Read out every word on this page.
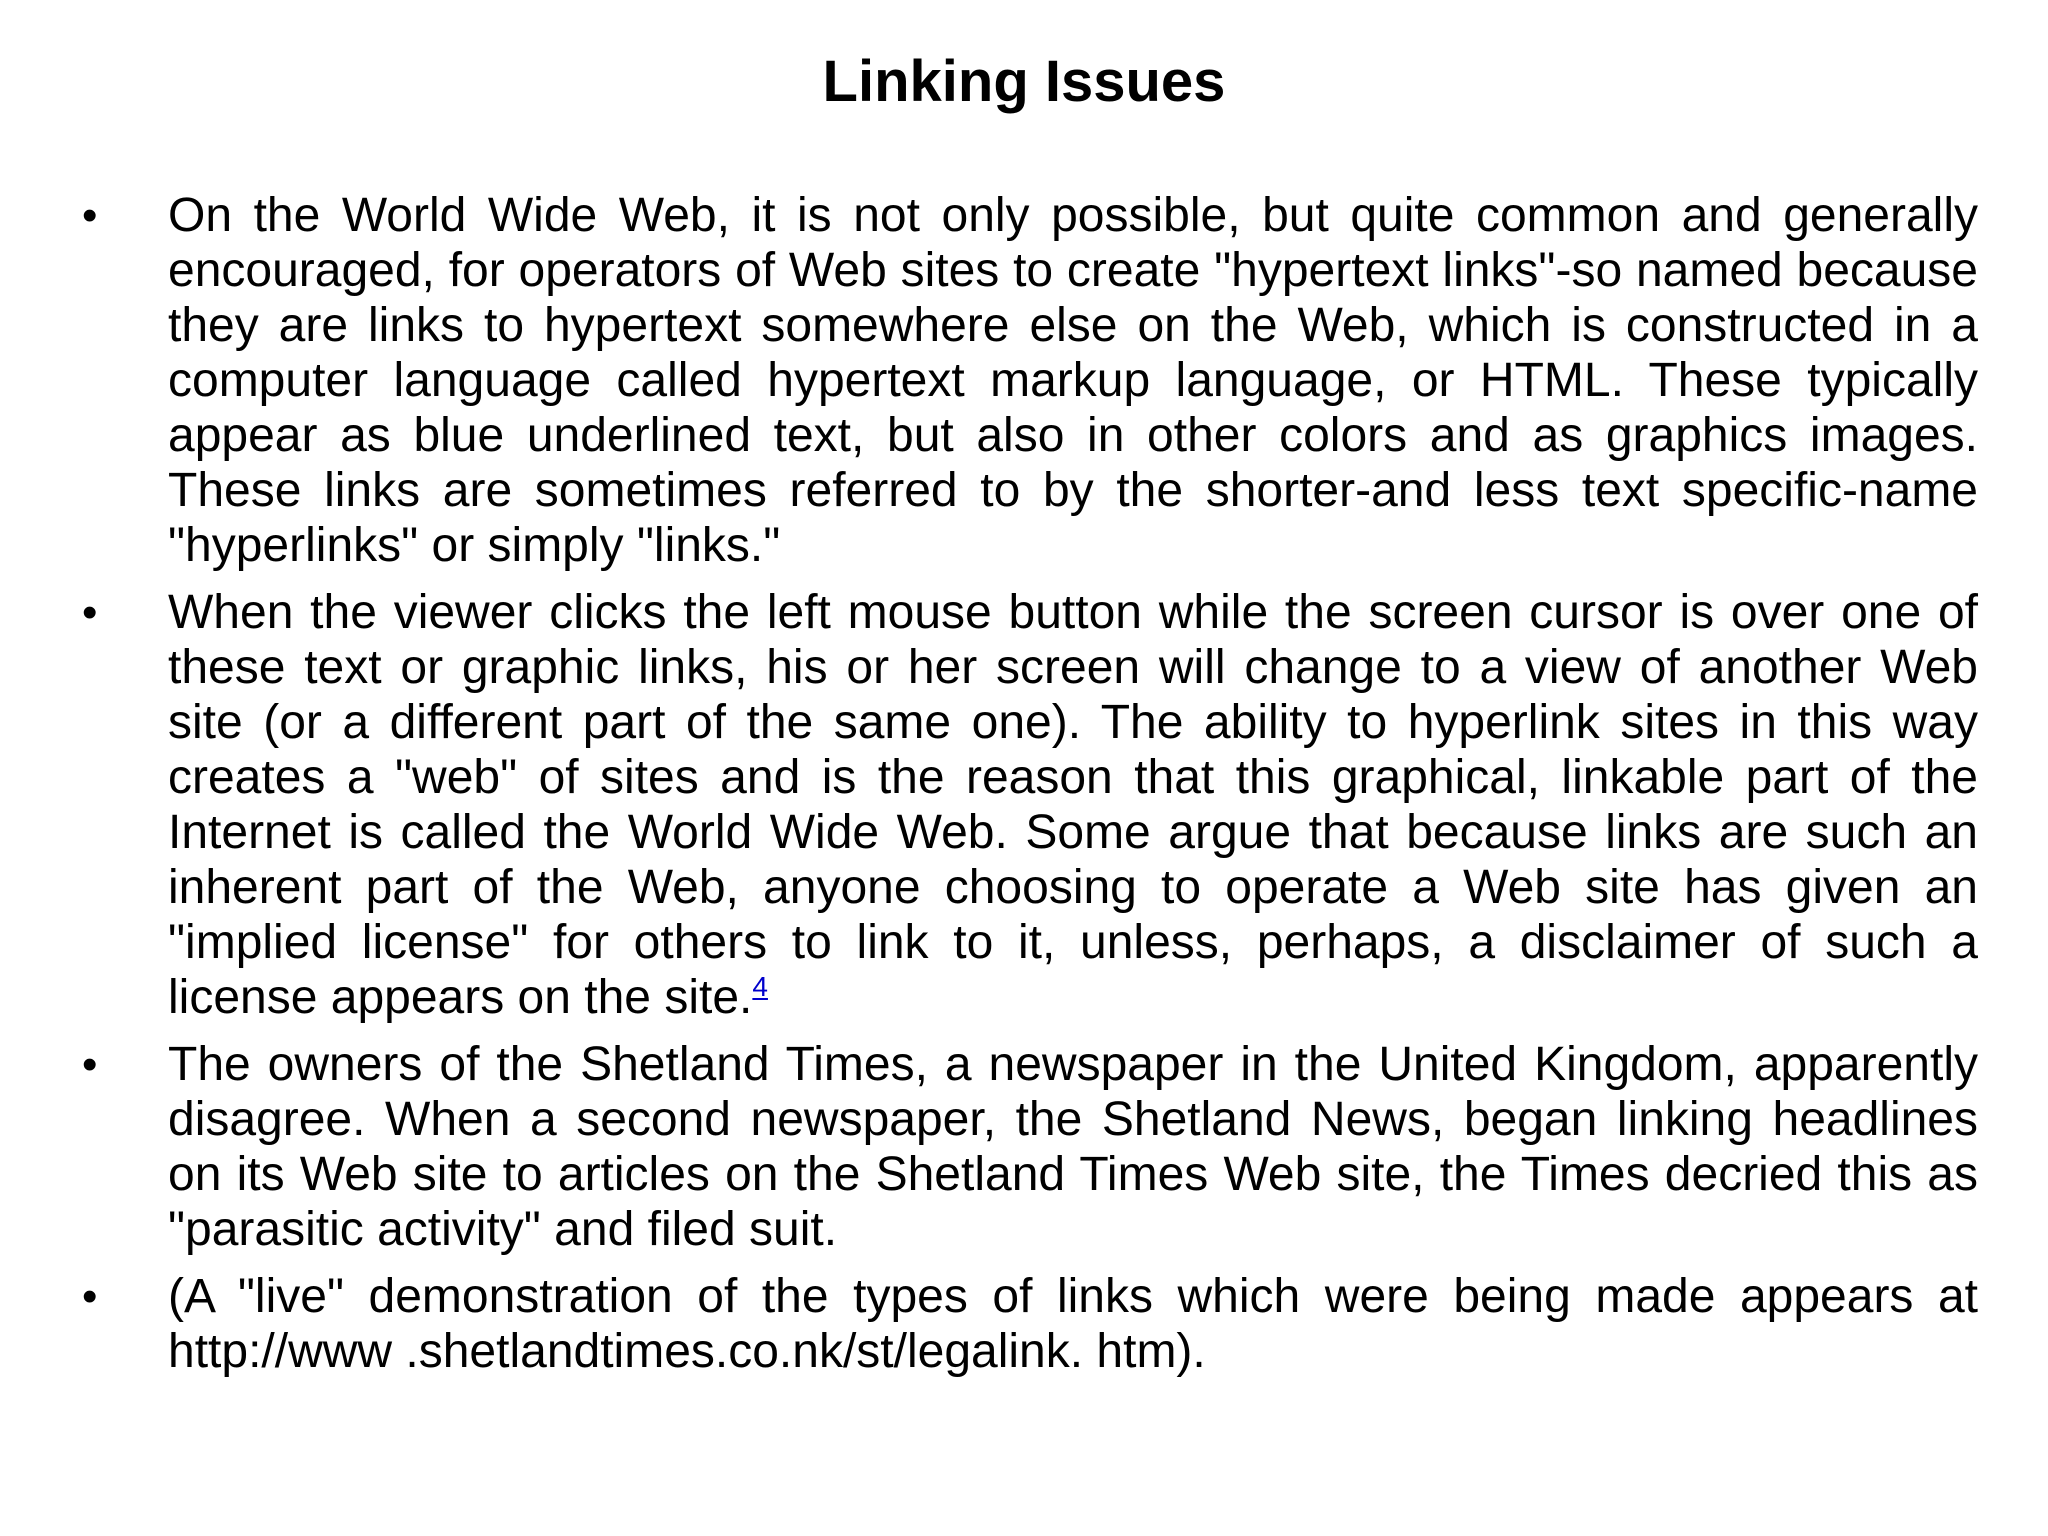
Linking Issues
•	On the World Wide Web, it is not only possible, but quite common and generally encouraged, for operators of Web sites to create "hypertext links"-so named because they are links to hypertext somewhere else on the Web, which is constructed in a computer language called hypertext markup language, or HTML. These typically appear as blue underlined text, but also in other colors and as graphics images. These links are sometimes referred to by the shorter-and less text specific-name "hyperlinks" or simply "links."
•	When the viewer clicks the left mouse button while the screen cursor is over one of these text or graphic links, his or her screen will change to a view of another Web site (or a different part of the same one). The ability to hyperlink sites in this way creates a "web" of sites and is the reason that this graphical, linkable part of the Internet is called the World Wide Web. Some argue that because links are such an inherent part of the Web, anyone choosing to operate a Web site has given an "implied license" for others to link to it, unless, perhaps, a disclaimer of such a license appears on the site.$^4$
•	The owners of the Shetland Times, a newspaper in the United Kingdom, apparently disagree. When a second newspaper, the Shetland News, began linking headlines on its Web site to articles on the Shetland Times Web site, the Times decried this as "parasitic activity" and filed suit.
•	(A "live" demonstration of the types of links which were being made appears at http://www .shetlandtimes.co.nk/st/legalink. htm).
